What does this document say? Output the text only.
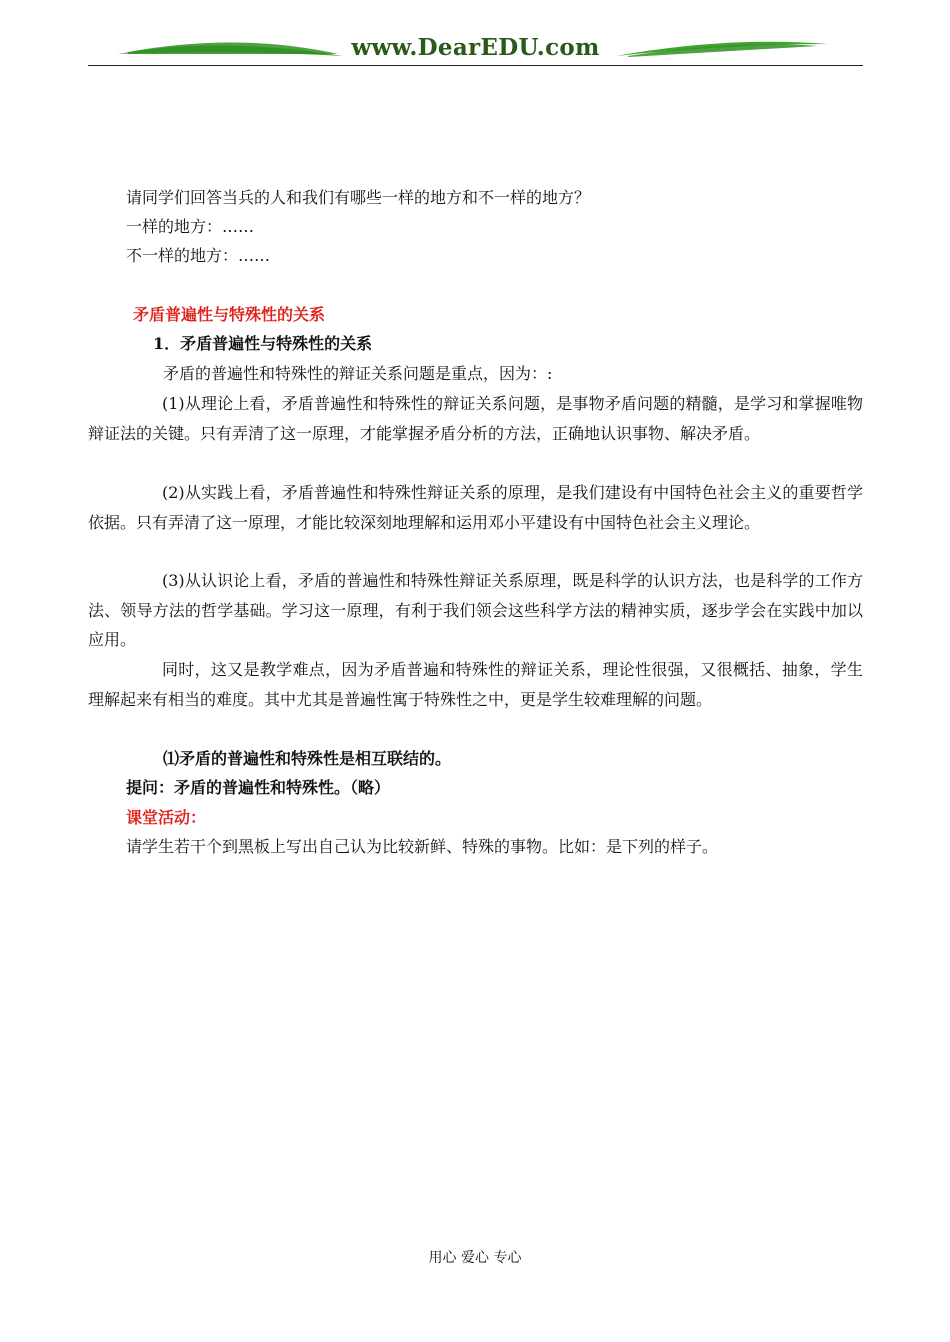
www.DearEDU.com
请同学们回答当兵的人和我们有哪些一样的地方和不一样的地方？
一样的地方：……
不一样的地方：……
矛盾普遍性与特殊性的关系
1．矛盾普遍性与特殊性的关系
矛盾的普遍性和特殊性的辩证关系问题是重点，因为：:
(1)从理论上看，矛盾普遍性和特殊性的辩证关系问题，是事物矛盾问题的精髓，是学习和掌握唯物辩证法的关键。只有弄清了这一原理，才能掌握矛盾分析的方法，正确地认识事物、解决矛盾。
(2)从实践上看，矛盾普遍性和特殊性辩证关系的原理，是我们建设有中国特色社会主义的重要哲学依据。只有弄清了这一原理，才能比较深刻地理解和运用邓小平建设有中国特色社会主义理论。
(3)从认识论上看，矛盾的普遍性和特殊性辩证关系原理，既是科学的认识方法，也是科学的工作方法、领导方法的哲学基础。学习这一原理，有利于我们领会这些科学方法的精神实质，逐步学会在实践中加以应用。
同时，这又是教学难点，因为矛盾普遍和特殊性的辩证关系，理论性很强，又很概括、抽象，学生理解起来有相当的难度。其中尤其是普遍性寓于特殊性之中，更是学生较难理解的问题。
⑴矛盾的普遍性和特殊性是相互联结的。
提问：矛盾的普遍性和特殊性。（略）
课堂活动：
请学生若干个到黑板上写出自己认为比较新鲜、特殊的事物。比如：是下列的样子。
用心 爱心 专心
